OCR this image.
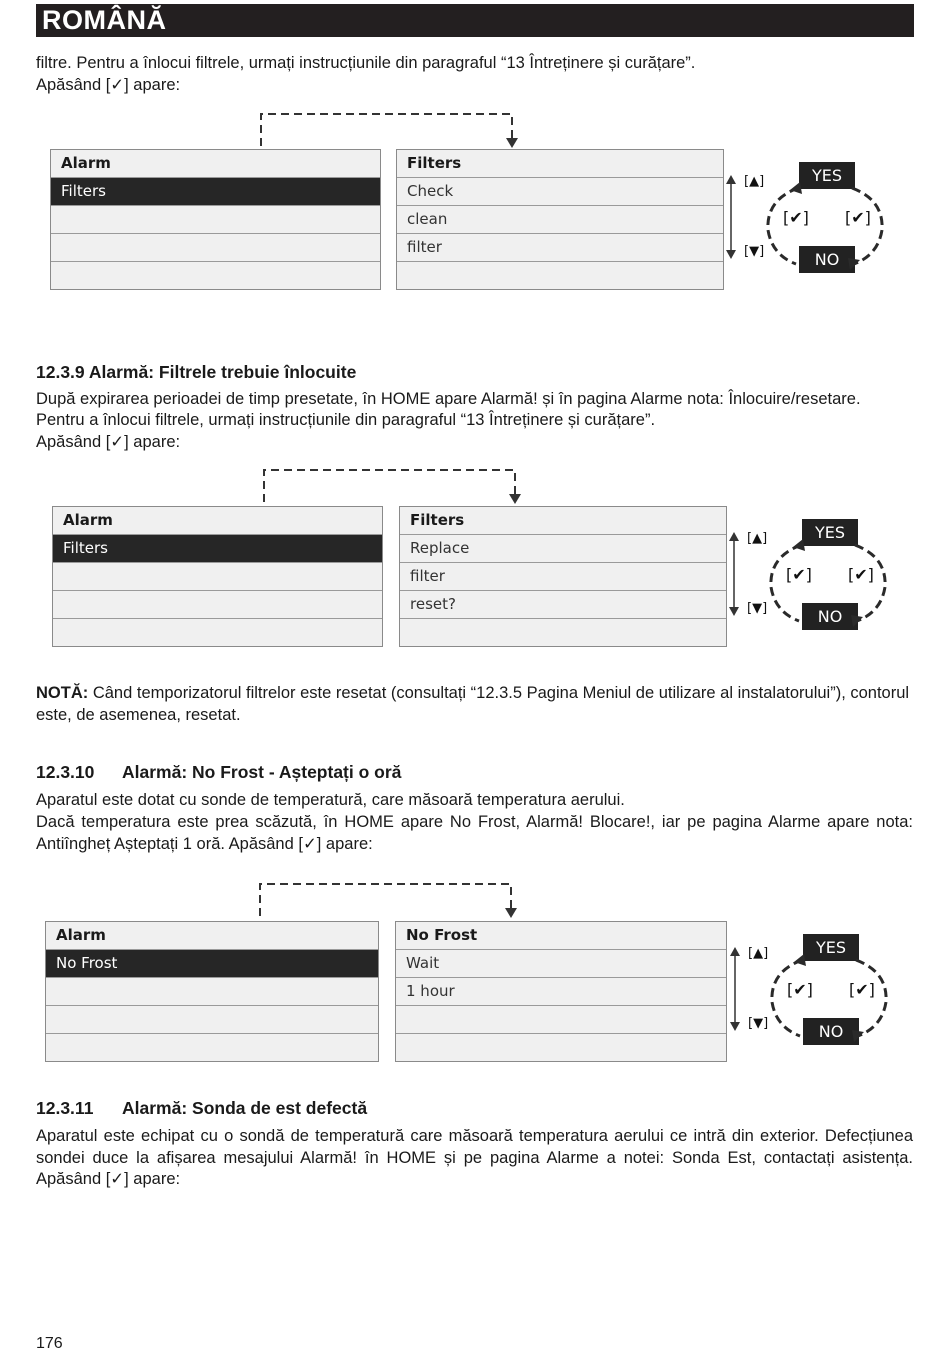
ROMÂNĂ

filtre. Pentru a înlocui filtrele, urmați instrucțiunile din paragraful “13 Întreținere și curățare”.

Apăsând [✓] apare:

Alarm
Filters
Filters
Check
clean
filter
[▲]
[▼]
YES
NO
[✔] [✔]
12.3.9 Alarmă: Filtrele trebuie înlocuite

După expirarea perioadei de timp presetate, în HOME apare Alarmă! și în pagina Alarme nota: Înlocuire/resetare.

Pentru a înlocui filtrele, urmați instrucțiunile din paragraful “13 Întreținere și curățare”.

Apăsând [✓] apare:

Alarm
Filters
Filters
Replace
filter
reset?
[▲]
[▼]
YES
NO
[✔] [✔]

NOTĂ: Când temporizatorul filtrelor este resetat (consultați “12.3.5 Pagina Meniul de utilizare al instalatorului”), contorul este, de asemenea, resetat.

12.3.10 Alarmă: No Frost - Așteptați o oră

Aparatul este dotat cu sonde de temperatură, care măsoară temperatura aerului.

Dacă temperatura este prea scăzută, în HOME apare No Frost, Alarmă! Blocare!, iar pe pagina Alarme apare nota: Antiîngheț Așteptați 1 oră. Apăsând [✓] apare:

Alarm
No Frost
No Frost
Wait
1 hour
[▲]
[▼]
YES
NO
[✔] [✔]
12.3.11 Alarmă: Sonda de est defectă

Aparatul este echipat cu o sondă de temperatură care măsoară temperatura aerului ce intră din exterior. Defecțiunea sondei duce la afișarea mesajului Alarmă! în HOME și pe pagina Alarme a notei: Sonda Est, contactați asistența. Apăsând [✓] apare:

176
